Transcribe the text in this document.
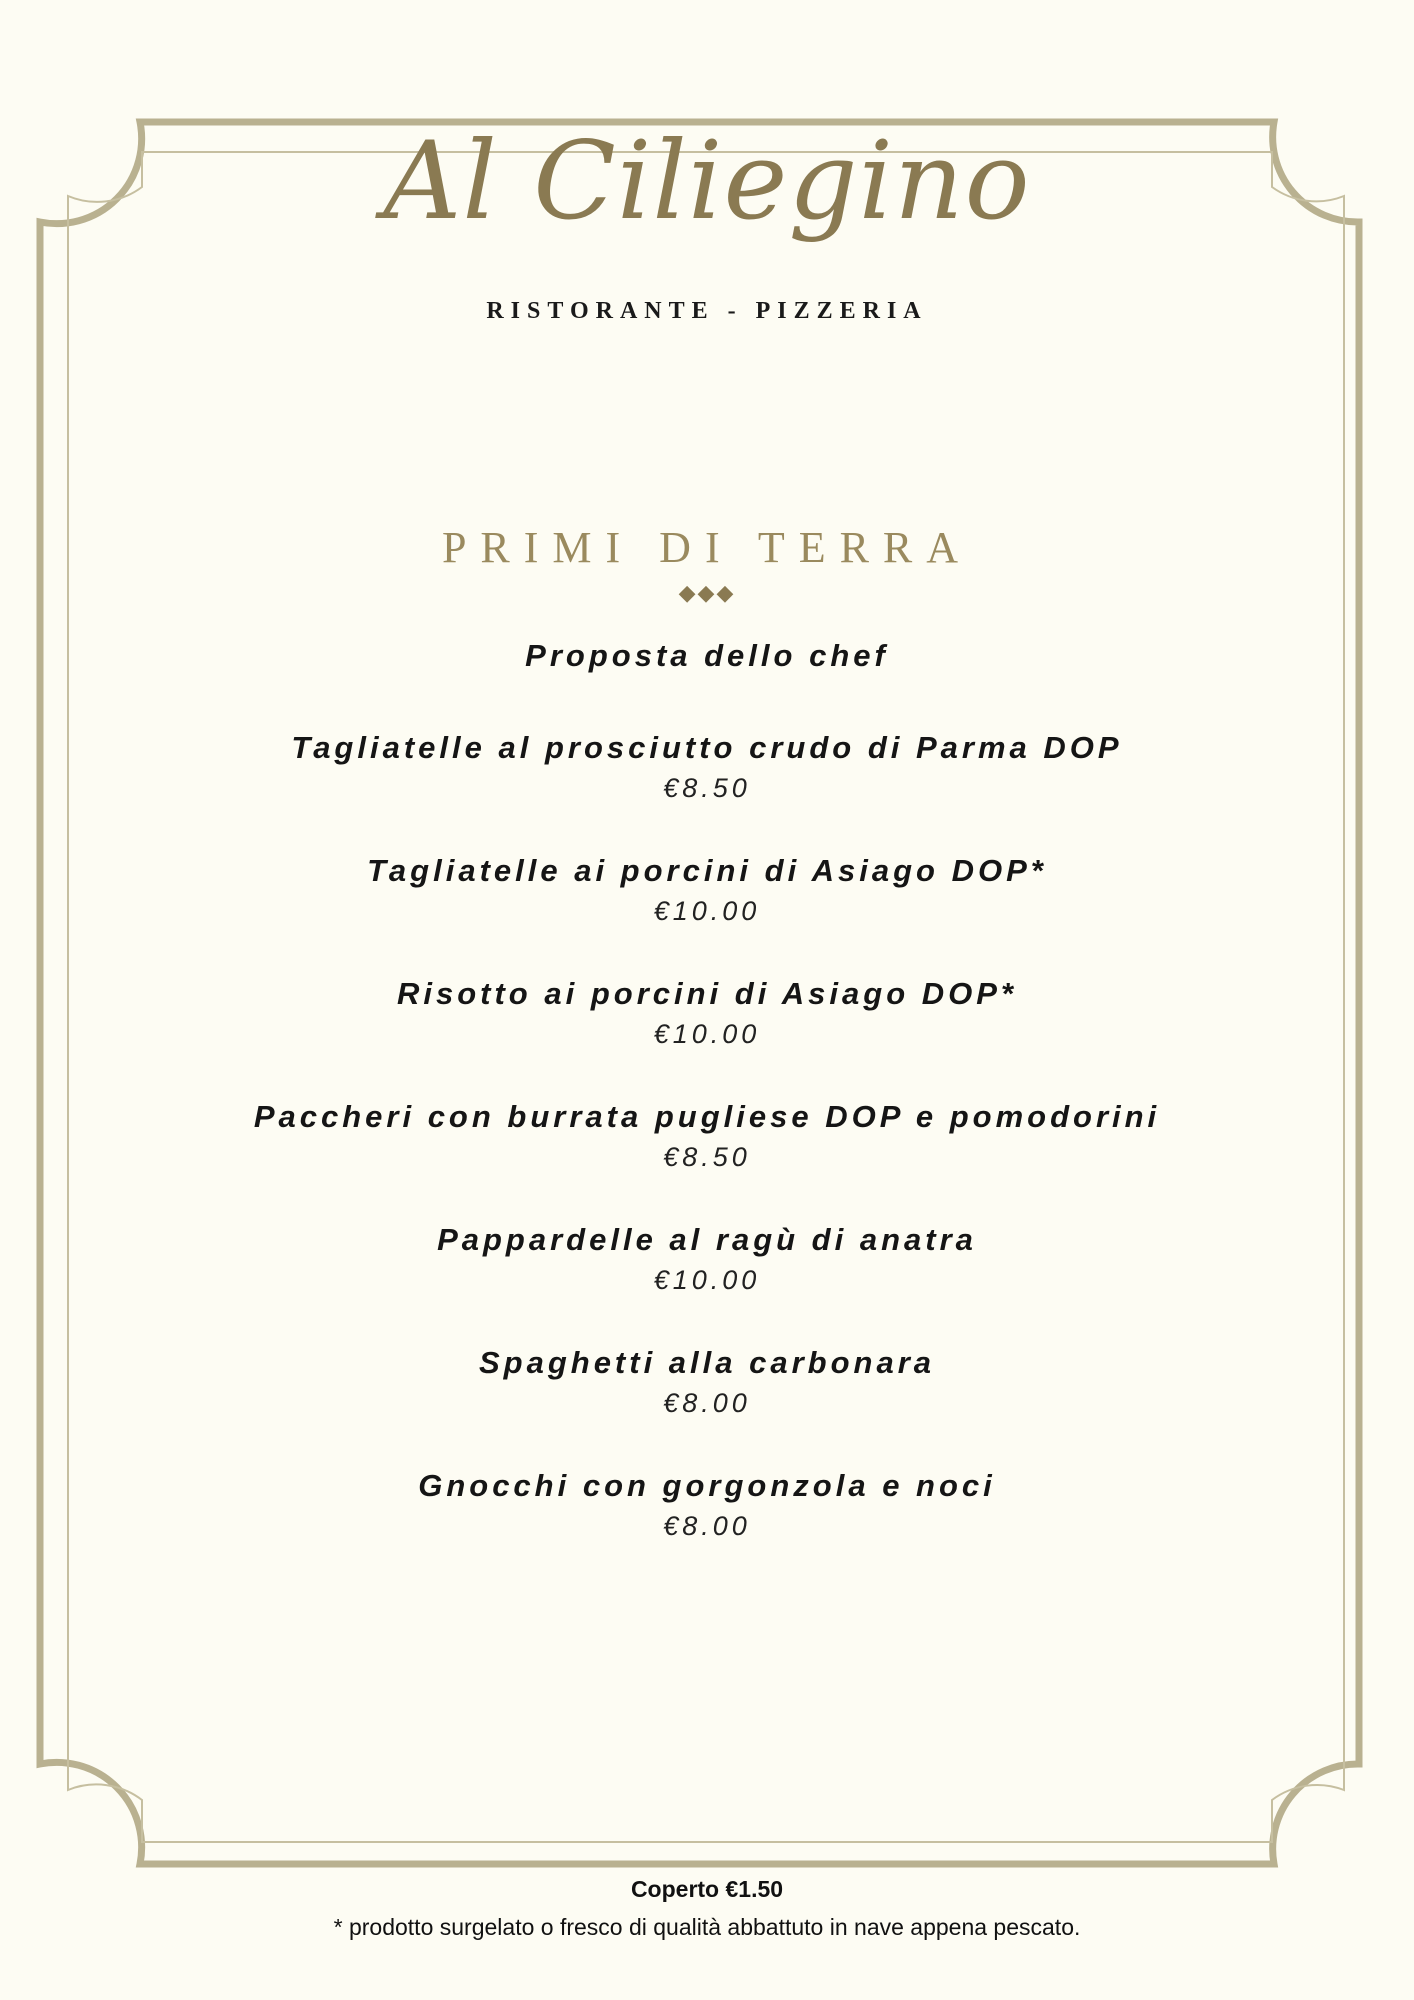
Al Ciliegino
RISTORANTE - PIZZERIA
PRIMI DI TERRA
◆◆◆
Proposta dello chef
Tagliatelle al prosciutto crudo di Parma DOP
€8.50
Tagliatelle ai porcini di Asiago DOP*
€10.00
Risotto ai porcini di Asiago DOP*
€10.00
Paccheri con burrata pugliese DOP e pomodorini
€8.50
Pappardelle al ragù di anatra
€10.00
Spaghetti alla carbonara
€8.00
Gnocchi con gorgonzola e noci
€8.00
Coperto €1.50
* prodotto surgelato o fresco di qualità abbattuto in nave appena pescato.
